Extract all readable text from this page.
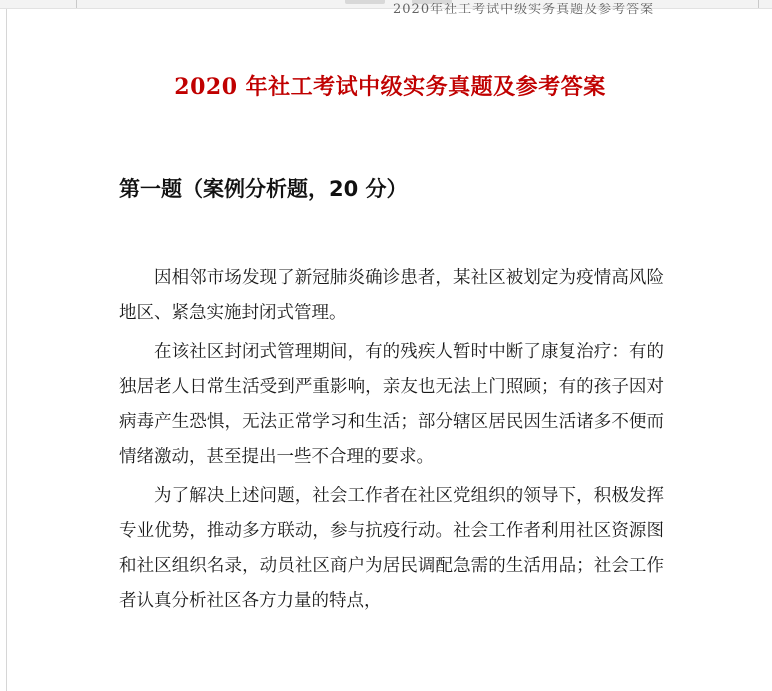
2020年社工考试中级实务真题及参考答案
2020 年社工考试中级实务真题及参考答案
第一题（案例分析题，20 分）

因相邻市场发现了新冠肺炎确诊患者，某社区被划定为疫情高风险地区、紧急实施封闭式管理。

在该社区封闭式管理期间，有的残疾人暂时中断了康复治疗：有的独居老人日常生活受到严重影响，亲友也无法上门照顾；有的孩子因对病毒产生恐惧，无法正常学习和生活；部分辖区居民因生活诸多不便而情绪激动，甚至提出一些不合理的要求。

为了解决上述问题，社会工作者在社区党组织的领导下，积极发挥专业优势，推动多方联动，参与抗疫行动。社会工作者利用社区资源图和社区组织名录，动员社区商户为居民调配急需的生活用品；社会工作者认真分析社区各方力量的特点，
